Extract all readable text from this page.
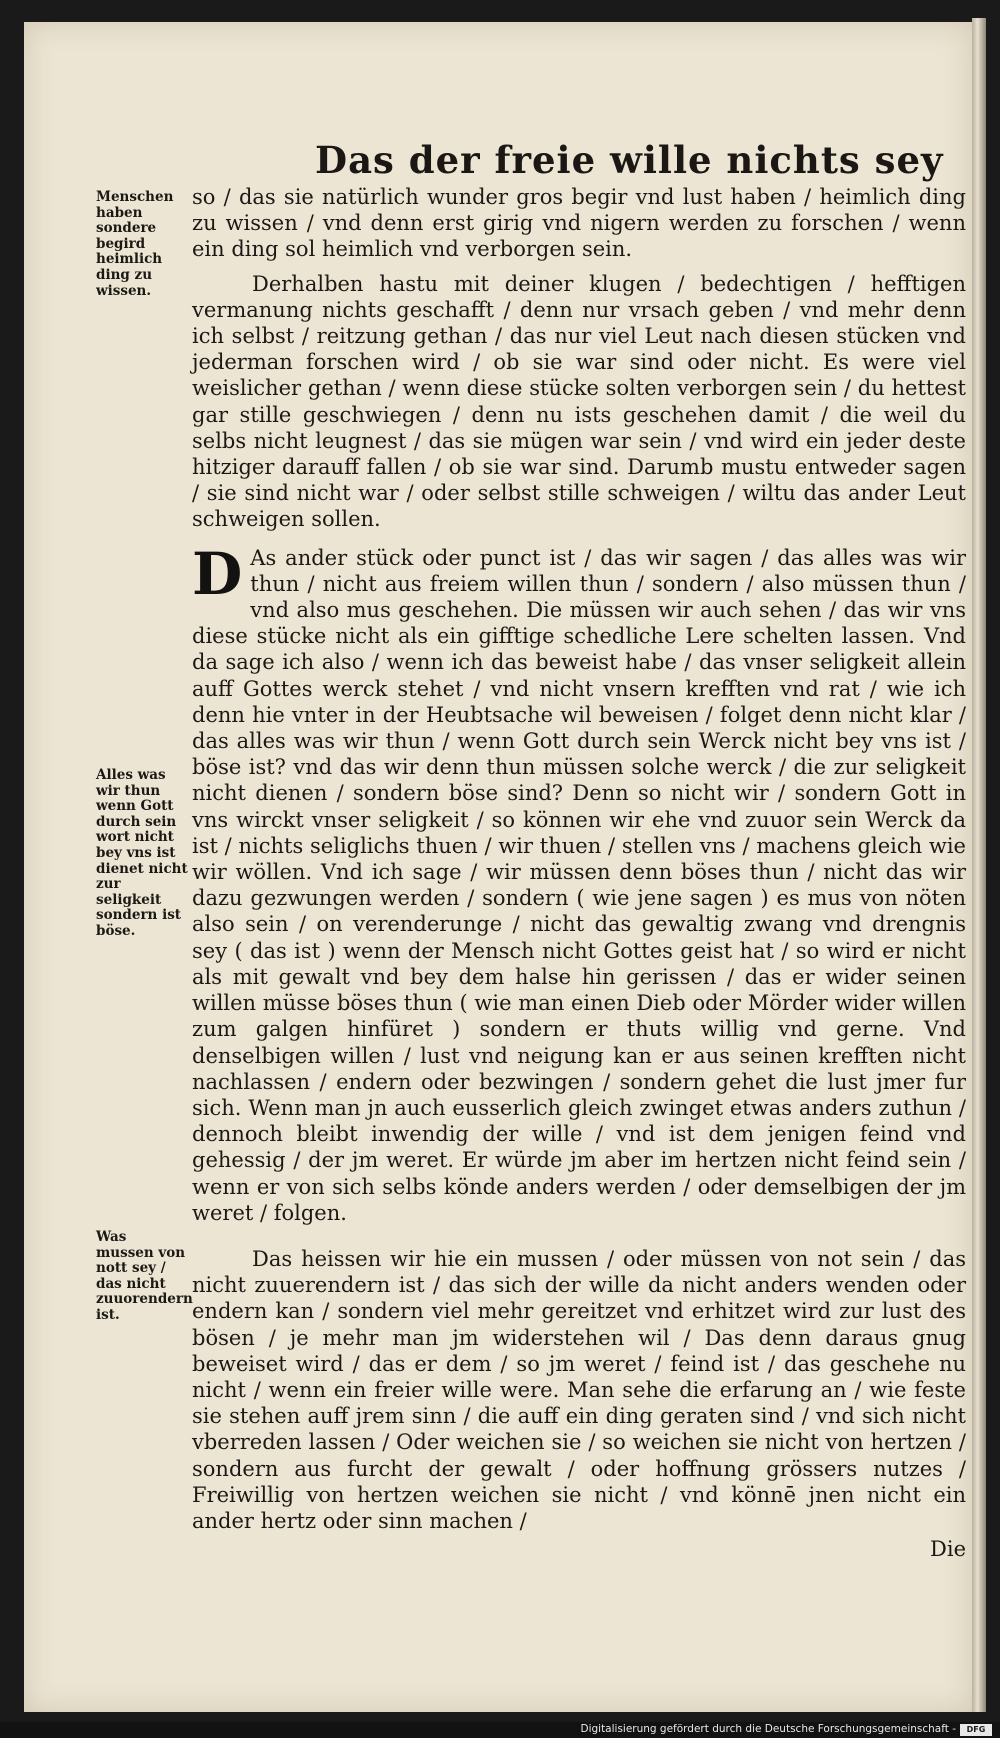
Das der freie wille nichts sey
Menschen haben sondere begird heimlich ding zu wissen.
Alles was wir thun wenn Gott durch sein wort nicht bey vns ist dienet nicht zur seligkeit sondern ist böse.
Was mussen von nott sey / das nicht zuuorendern ist.

so / das sie natürlich wunder gros begir vnd lust haben / heimlich ding zu wissen / vnd denn erst girig vnd nigern werden zu forschen / wenn ein ding sol heimlich vnd verborgen sein.

Derhalben hastu mit deiner klugen / bedechtigen / hefftigen vermanung nichts geschafft / denn nur vrsach geben / vnd mehr denn ich selbst / reitzung gethan / das nur viel Leut nach diesen stücken vnd jederman forschen wird / ob sie war sind oder nicht. Es were viel weislicher gethan / wenn diese stücke solten verborgen sein / du hettest gar stille geschwiegen / denn nu ists geschehen damit / die weil du selbs nicht leugnest / das sie mügen war sein / vnd wird ein jeder deste hitziger darauff fallen / ob sie war sind. Darumb mustu entweder sagen / sie sind nicht war / oder selbst stille schweigen / wiltu das ander Leut schweigen sollen.

D As ander stück oder punct ist / das wir sagen / das alles was wir thun / nicht aus freiem willen thun / sondern / also müssen thun / vnd also mus geschehen. Die müssen wir auch sehen / das wir vns diese stücke nicht als ein gifftige schedliche Lere schelten lassen. Vnd da sage ich also / wenn ich das beweist habe / das vnser seligkeit allein auff Gottes werck stehet / vnd nicht vnsern krefften vnd rat / wie ich denn hie vnter in der Heubtsache wil beweisen / folget denn nicht klar / das alles was wir thun / wenn Gott durch sein Werck nicht bey vns ist / böse ist? vnd das wir denn thun müssen solche werck / die zur seligkeit nicht dienen / sondern böse sind? Denn so nicht wir / sondern Gott in vns wirckt vnser seligkeit / so können wir ehe vnd zuuor sein Werck da ist / nichts seliglichs thuen / wir thuen / stellen vns / machens gleich wie wir wöllen. Vnd ich sage / wir müssen denn böses thun / nicht das wir dazu gezwungen werden / sondern ( wie jene sagen ) es mus von nöten also sein / on verenderunge / nicht das gewaltig zwang vnd drengnis sey ( das ist ) wenn der Mensch nicht Gottes geist hat / so wird er nicht als mit gewalt vnd bey dem halse hin gerissen / das er wider seinen willen müsse böses thun ( wie man einen Dieb oder Mörder wider willen zum galgen hinfüret ) sondern er thuts willig vnd gerne. Vnd denselbigen willen / lust vnd neigung kan er aus seinen krefften nicht nachlassen / endern oder bezwingen / sondern gehet die lust jmer fur sich. Wenn man jn auch eusserlich gleich zwinget etwas anders zuthun / dennoch bleibt inwendig der wille / vnd ist dem jenigen feind vnd gehessig / der jm weret. Er würde jm aber im hertzen nicht feind sein / wenn er von sich selbs könde anders werden / oder demselbigen der jm weret / folgen.

Das heissen wir hie ein mussen / oder müssen von not sein / das nicht zuuerendern ist / das sich der wille da nicht anders wenden oder endern kan / sondern viel mehr gereitzet vnd erhitzet wird zur lust des bösen / je mehr man jm widerstehen wil / Das denn daraus gnug beweiset wird / das er dem / so jm weret / feind ist / das geschehe nu nicht / wenn ein freier wille were. Man sehe die erfarung an / wie feste sie stehen auff jrem sinn / die auff ein ding geraten sind / vnd sich nicht vberreden lassen / Oder weichen sie / so weichen sie nicht von hertzen / sondern aus furcht der gewalt / oder hoffnung grössers nutzes / Freiwillig von hertzen weichen sie nicht / vnd könnē jnen nicht ein ander hertz oder sinn machen /

Die
Digitalisierung gefördert durch die Deutsche Forschungsgemeinschaft -	DFG
